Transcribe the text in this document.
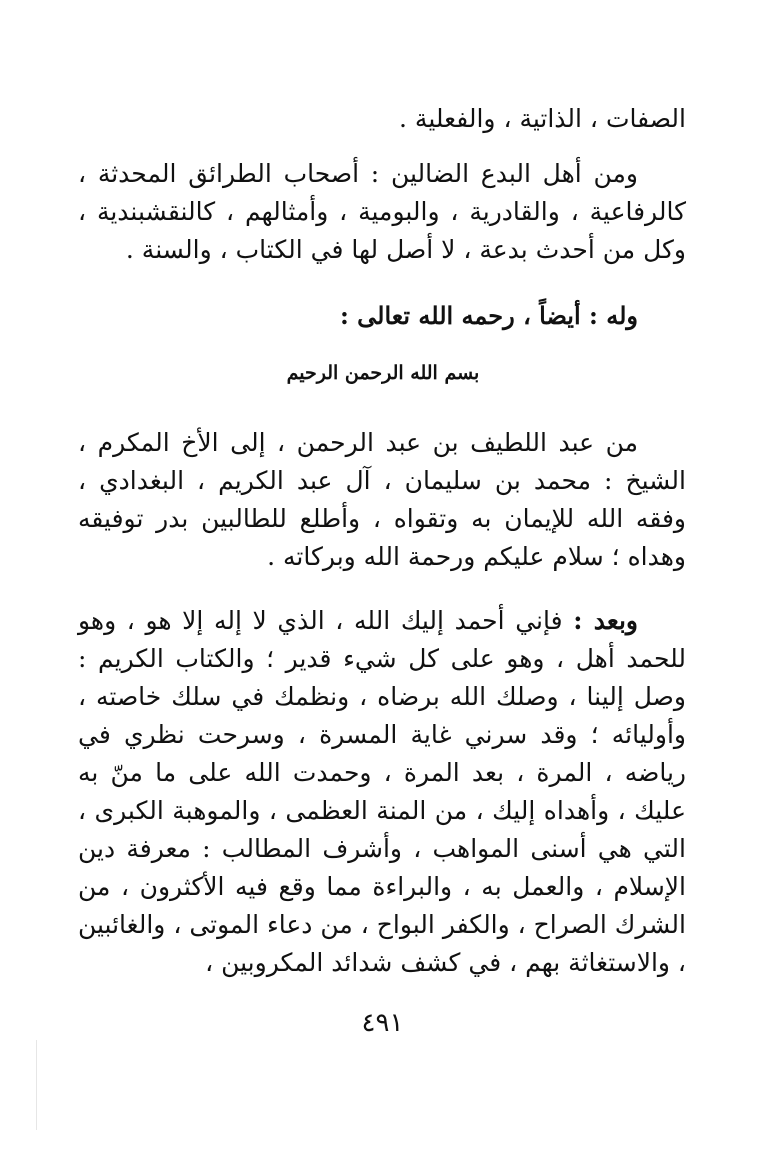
الصفات ، الذاتية ، والفعلية .

ومن أهل البدع الضالين : أصحاب الطرائق المحدثة ، كالرفاعية ، والقادرية ، والبومية ، وأمثالهم ، كالنقشبندية ، وكل من أحدث بدعة ، لا أصل لها في الكتاب ، والسنة .

وله : أيضاً ، رحمه الله تعالى :

بسم الله الرحمن الرحيم

من عبد اللطيف بن عبد الرحمن ، إلى الأخ المكرم ، الشيخ : محمد بن سليمان ، آل عبد الكريم ، البغدادي ، وفقه الله للإيمان به وتقواه ، وأطلع للطالبين بدر توفيقه وهداه ؛ سلام عليكم ورحمة الله وبركاته .

وبعد : فإني أحمد إليك الله ، الذي لا إله إلا هو ، وهو للحمد أهل ، وهو على كل شيء قدير ؛ والكتاب الكريم : وصل إلينا ، وصلك الله برضاه ، ونظمك في سلك خاصته ، وأوليائه ؛ وقد سرني غاية المسرة ، وسرحت نظري في رياضه ، المرة ، بعد المرة ، وحمدت الله على ما منّ به عليك ، وأهداه إليك ، من المنة العظمى ، والموهبة الكبرى ، التي هي أسنى المواهب ، وأشرف المطالب : معرفة دين الإسلام ، والعمل به ، والبراءة مما وقع فيه الأكثرون ، من الشرك الصراح ، والكفر البواح ، من دعاء الموتى ، والغائبين ، والاستغاثة بهم ، في كشف شدائد المكروبين ،

٤٩١
